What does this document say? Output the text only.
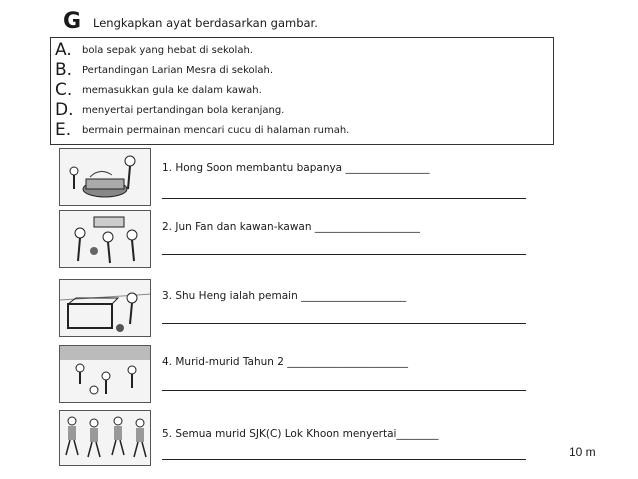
G Lengkapkan ayat berdasarkan gambar.
A. bola sepak yang hebat di sekolah.
B. Pertandingan Larian Mesra di sekolah.
C. memasukkan gula ke dalam kawah.
D. menyertai pertandingan bola keranjang.
E. bermain permainan mencari cucu di halaman rumah.
1. Hong Soon membantu bapanya ________________
2. Jun Fan dan kawan-kawan ____________________
3. Shu Heng ialah pemain ____________________
4. Murid-murid Tahun 2 _______________________
5. Semua murid SJK(C) Lok Khoon menyertai________
10 m
